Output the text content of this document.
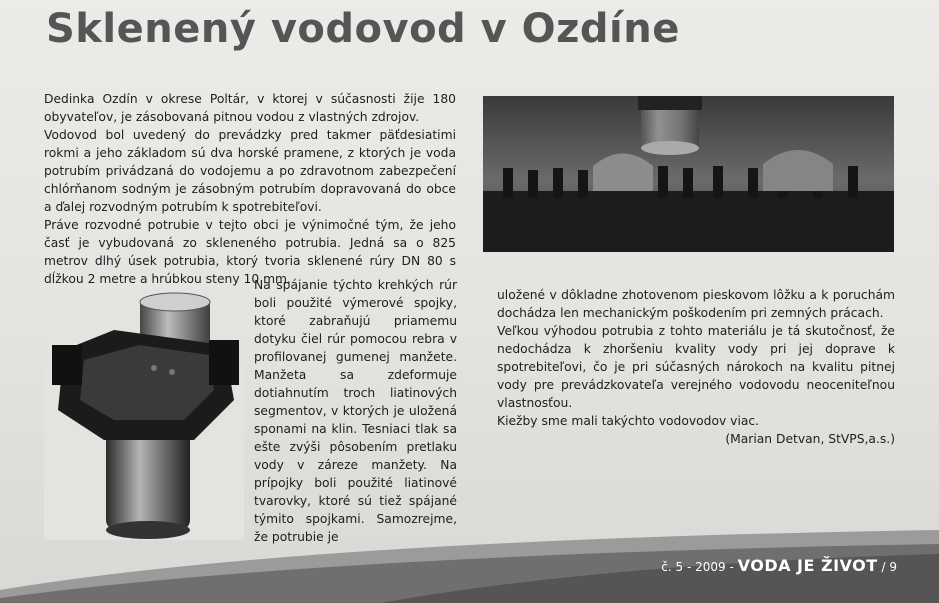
Sklenený vodovod v Ozdíne

Dedinka Ozdín v okrese Poltár, v ktorej v súčasnosti žije 180 obyvateľov, je zásobovaná pitnou vodou z vlastných zdrojov.

Vodovod bol uvedený do prevádzky pred takmer päťdesiatimi rokmi a jeho základom sú dva horské pramene, z ktorých je voda potrubím privádzaná do vodojemu a po zdravotnom zabezpečení chlórňanom sodným je zásobným potrubím dopravovaná do obce a ďalej rozvodným potrubím k spotrebiteľovi.

Práve rozvodné potrubie v tejto obci je výnimočné tým, že jeho časť je vybudovaná zo skleneného potrubia. Jedná sa o 825 metrov dlhý úsek potrubia, ktorý tvoria sklenené rúry DN 80 s dĺžkou 2 metre a hrúbkou steny 10 mm.

Na spájanie týchto krehkých rúr boli použité výmerové spojky, ktoré zabraňujú priamemu dotyku čiel rúr pomocou rebra v profilovanej gumenej manžete. Manžeta sa zdeformuje dotiahnutím troch liatinových segmentov, v ktorých je uložená sponami na klin. Tesniaci tlak sa ešte zvýši pôsobením pretlaku vody v záreze manžety. Na prípojky boli použité liatinové tvarovky, ktoré sú tiež spájané týmito spojkami. Samozrejme, že potrubie je

uložené v dôkladne zhotovenom pieskovom lôžku a k poruchám dochádza len mechanickým poškodením pri zemných prácach.

Veľkou výhodou potrubia z tohto materiálu je tá skutočnosť, že nedochádza k zhoršeniu kvality vody pri jej doprave k spotrebiteľovi, čo je pri súčasných nárokoch na kvalitu pitnej vody pre prevádzkovateľa verejného vodovodu neoceniteľnou vlastnosťou.

Kiežby sme mali takýchto vodovodov viac.

(Marian Detvan, StVPS,a.s.)

č. 5 - 2009 - VODA JE ŽIVOT / 9
